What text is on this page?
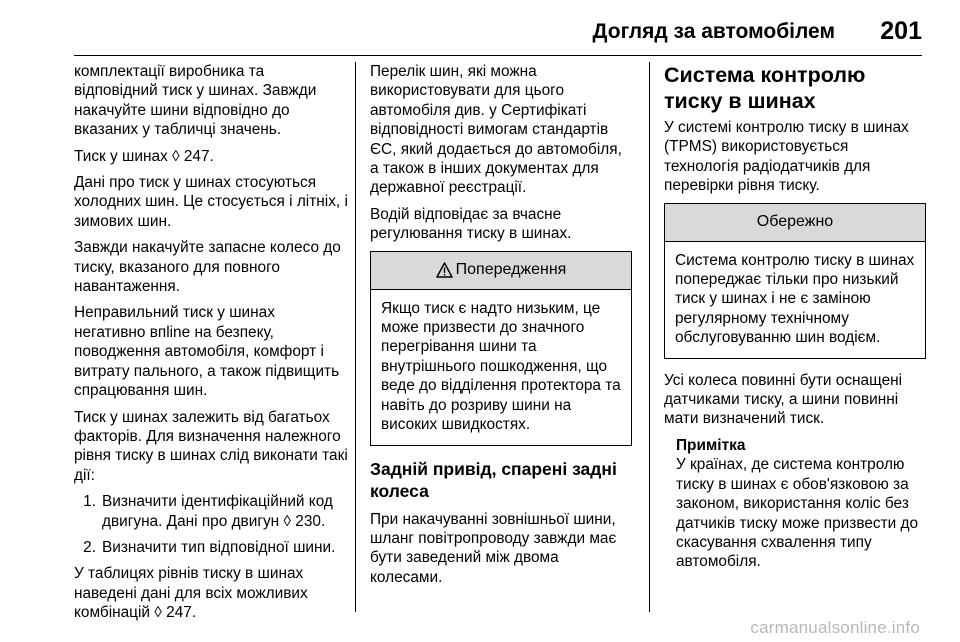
Догляд за автомобілем 201

комплектації виробника та відповідний тиск у шинах. Завжди накачуйте шини відповідно до вказаних у табличці значень.

Тиск у шинах ◊ 247.

Дані про тиск у шинах стосуються холодних шин. Це стосується і літніх, і зимових шин.

Завжди накачуйте запасне колесо до тиску, вказаного для повного навантаження.

Неправильний тиск у шинах негативно впline на безпеку, поводження автомобіля, комфорт і витрату пального, а також підвищить спрацювання шин.

Тиск у шинах залежить від багатьох факторів. Для визначення належного рівня тиску в шинах слід виконати такі дії:

1. Визначити ідентифікаційний код двигуна. Дані про двигун ◊ 230.
2. Визначити тип відповідної шини.

У таблицях рівнів тиску в шинах наведені дані для всіх можливих комбінацій ◊ 247.

Перелік шин, які можна використовувати для цього автомобіля див. у Сертифікаті відповідності вимогам стандартів ЄС, який додається до автомобіля, а також в інших документах для державної реєстрації.

Водій відповідає за вчасне регулювання тиску в шинах.

Попередження
Якщо тиск є надто низьким, це може призвести до значного перегрівання шини та внутрішнього пошкодження, що веде до відділення протектора та навіть до розриву шини на високих швидкостях.
Задній привід, спарені задні колеса

При накачуванні зовнішньої шини, шланг повітропроводу завжди має бути заведений між двома колесами.

Система контролю тиску в шинах

У системі контролю тиску в шинах (TPMS) використовується технологія радіодатчиків для перевірки рівня тиску.

Обережно
Система контролю тиску в шинах попереджає тільки про низький тиск у шинах і не є заміною регулярному технічному обслуговуванню шин водієм.

Усі колеса повинні бути оснащені датчиками тиску, а шини повинні мати визначений тиск.

Примітка
У країнах, де система контролю тиску в шинах є обов'язковою за законом, використання коліс без датчиків тиску може призвести до скасування схвалення типу автомобіля.
carmanualsonline.info
